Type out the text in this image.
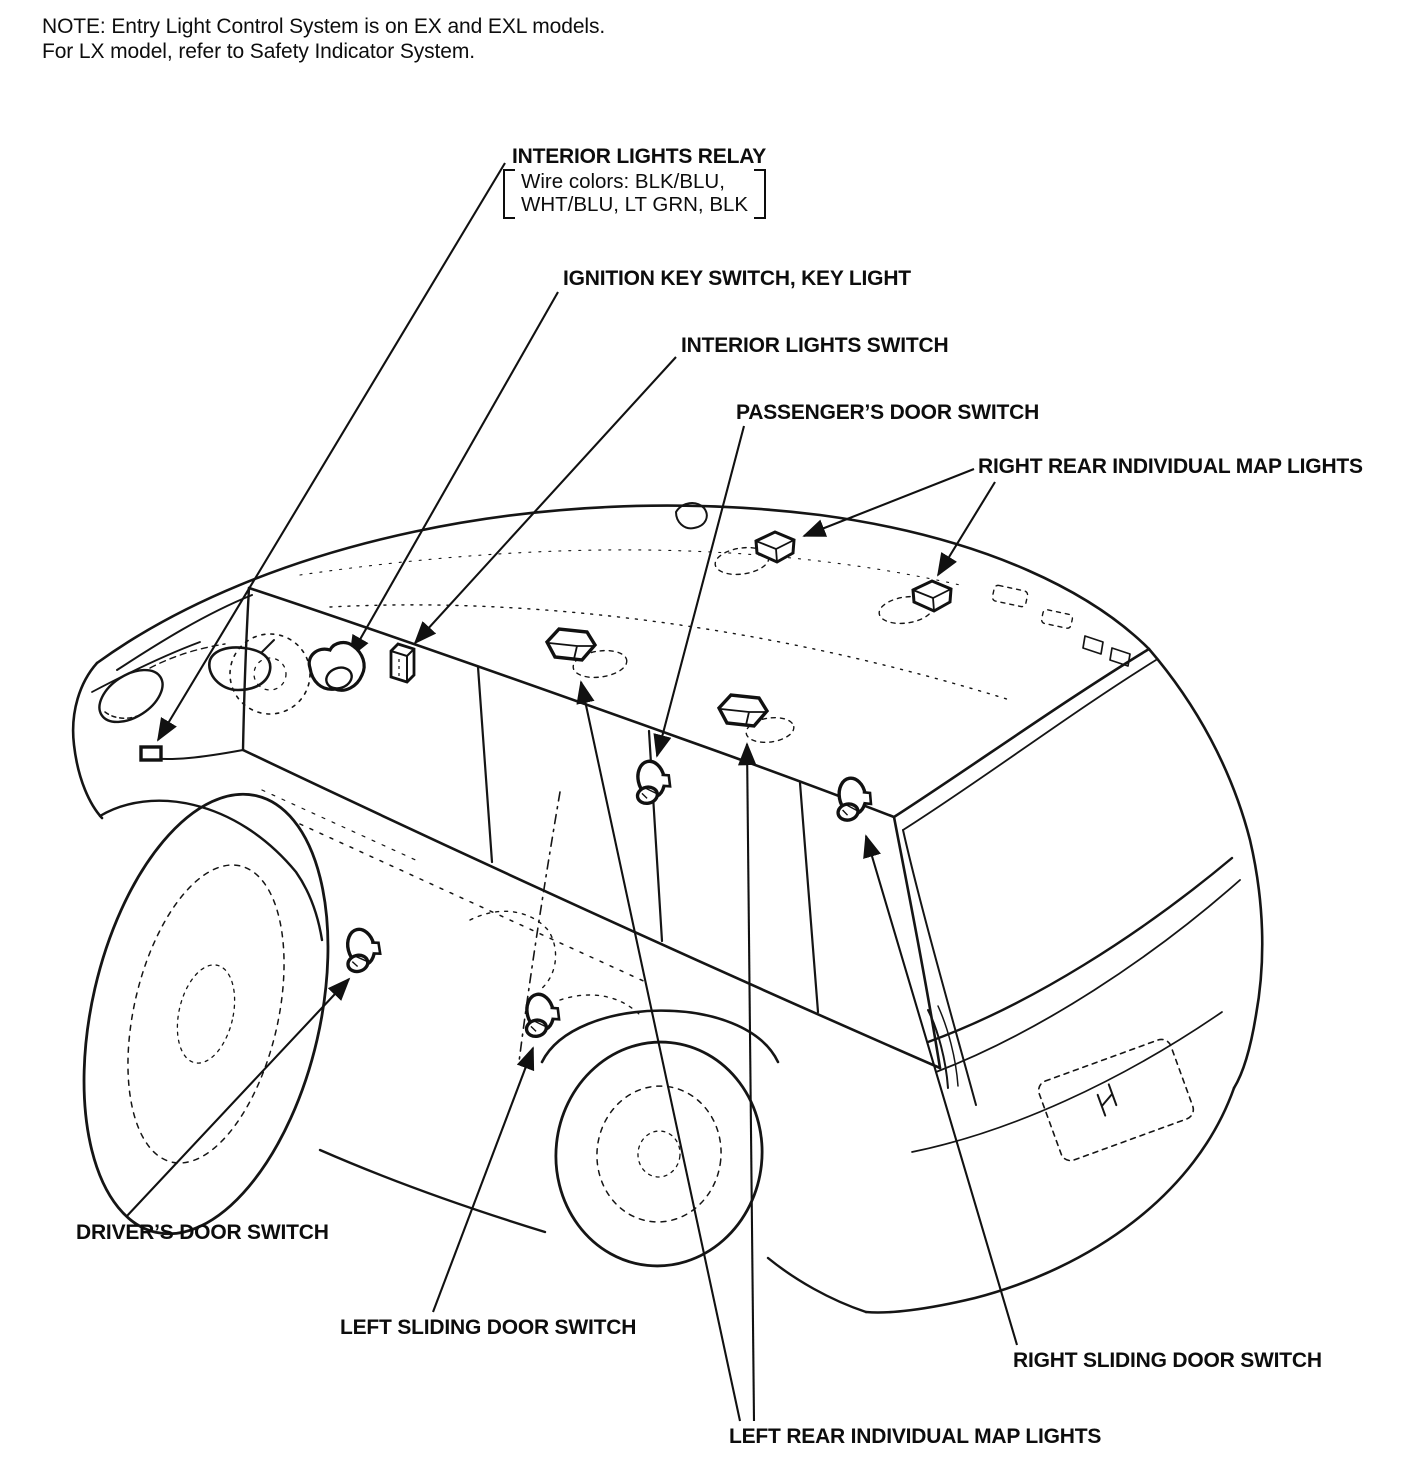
NOTE: Entry Light Control System is on EX and EXL models.
For LX model, refer to Safety Indicator System.
INTERIOR LIGHTS RELAY
Wire colors: BLK/BLU,
WHT/BLU, LT GRN, BLK
IGNITION KEY SWITCH, KEY LIGHT
INTERIOR LIGHTS SWITCH
PASSENGER’S DOOR SWITCH
RIGHT REAR INDIVIDUAL MAP LIGHTS
DRIVER’S DOOR SWITCH
LEFT SLIDING DOOR SWITCH
RIGHT SLIDING DOOR SWITCH
LEFT REAR INDIVIDUAL MAP LIGHTS
